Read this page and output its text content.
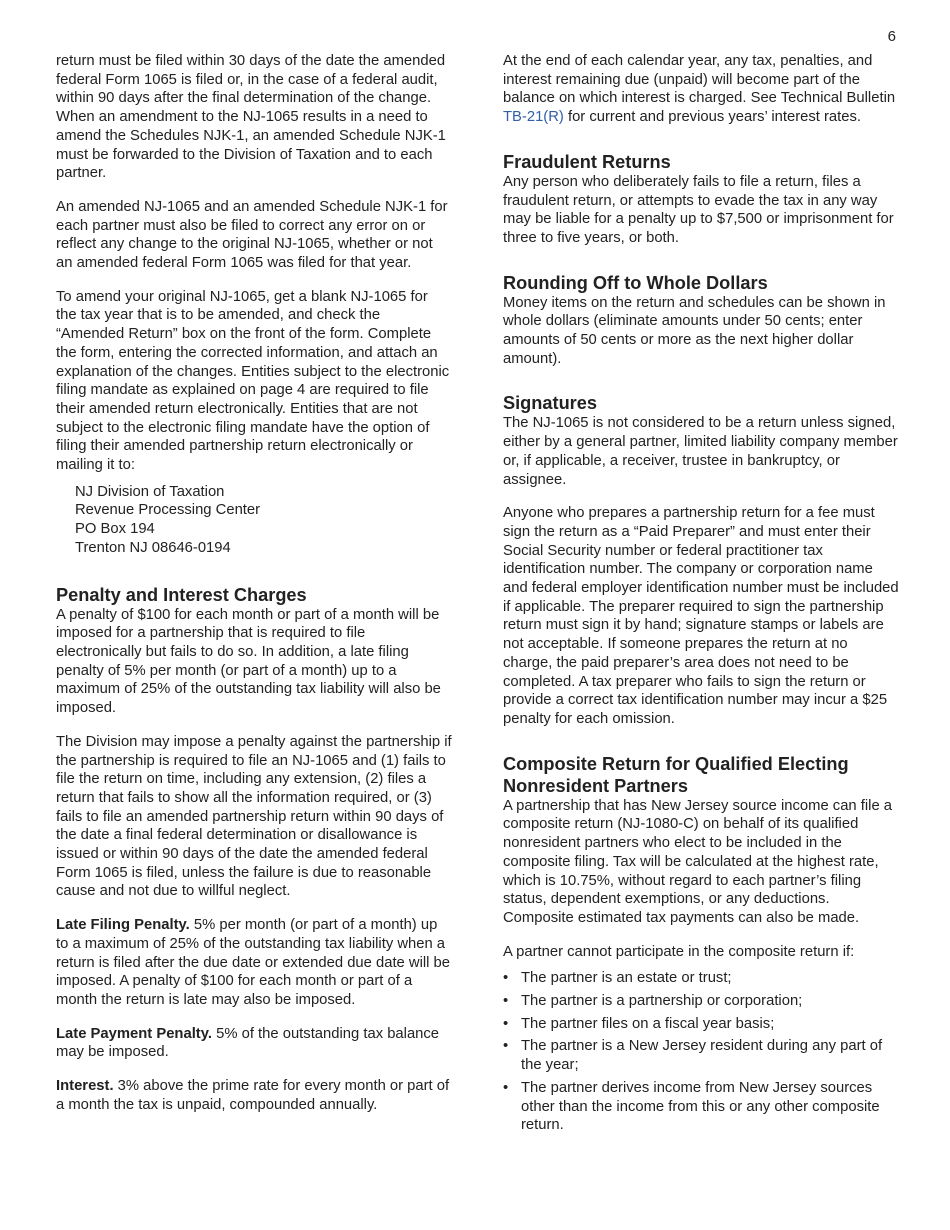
6

return must be filed within 30 days of the date the amended federal Form 1065 is filed or, in the case of a federal audit, within 90 days after the final determination of the change. When an amendment to the NJ-1065 results in a need to amend the Schedules NJK-1, an amended Schedule NJK-1 must be forwarded to the Division of Taxation and to each partner.

An amended NJ-1065 and an amended Schedule NJK-1 for each partner must also be filed to correct any error on or reflect any change to the original NJ-1065, whether or not an amended federal Form 1065 was filed for that year.

To amend your original NJ-1065, get a blank NJ-1065 for the tax year that is to be amended, and check the “Amended Return” box on the front of the form. Complete the form, entering the corrected information, and attach an explanation of the changes. Entities subject to the electronic filing mandate as explained on page 4 are required to file their amended return electronically. Entities that are not subject to the electronic filing mandate have the option of filing their amended partnership return electronically or mailing it to:

NJ Division of Taxation
Revenue Processing Center
PO Box 194
Trenton NJ 08646-0194
Penalty and Interest Charges

A penalty of $100 for each month or part of a month will be imposed for a partnership that is required to file electronically but fails to do so. In addition, a late filing penalty of 5% per month (or part of a month) up to a maximum of 25% of the outstanding tax liability will also be imposed.

The Division may impose a penalty against the partnership if the partnership is required to file an NJ-1065 and (1) fails to file the return on time, including any extension, (2) files a return that fails to show all the information required, or (3) fails to file an amended partnership return within 90 days of the date a final federal determination or disallowance is issued or within 90 days of the date the amended federal Form 1065 is filed, unless the failure is due to reasonable cause and not due to willful neglect.

Late Filing Penalty. 5% per month (or part of a month) up to a maximum of 25% of the outstanding tax liability when a return is filed after the due date or extended due date will be imposed. A penalty of $100 for each month or part of a month the return is late may also be imposed.

Late Payment Penalty. 5% of the outstanding tax balance may be imposed.

Interest. 3% above the prime rate for every month or part of a month the tax is unpaid, compounded annually.

At the end of each calendar year, any tax, penalties, and interest remaining due (unpaid) will become part of the balance on which interest is charged. See Technical Bulletin TB-21(R) for current and previous years’ interest rates.

Fraudulent Returns

Any person who deliberately fails to file a return, files a fraudulent return, or attempts to evade the tax in any way may be liable for a penalty up to $7,500 or imprisonment for three to five years, or both.

Rounding Off to Whole Dollars

Money items on the return and schedules can be shown in whole dollars (eliminate amounts under 50 cents; enter amounts of 50 cents or more as the next higher dollar amount).

Signatures

The NJ-1065 is not considered to be a return unless signed, either by a general partner, limited liability company member or, if applicable, a receiver, trustee in bankruptcy, or assignee.

Anyone who prepares a partnership return for a fee must sign the return as a “Paid Preparer” and must enter their Social Security number or federal practitioner tax identification number. The company or corporation name and federal employer identification number must be included if applicable. The preparer required to sign the partnership return must sign it by hand; signature stamps or labels are not acceptable. If someone prepares the return at no charge, the paid preparer’s area does not need to be completed. A tax preparer who fails to sign the return or provide a correct tax identification number may incur a $25 penalty for each omission.

Composite Return for Qualified Electing
Nonresident Partners

A partnership that has New Jersey source income can file a composite return (NJ-1080-C) on behalf of its qualified nonresident partners who elect to be included in the composite filing. Tax will be calculated at the highest rate, which is 10.75%, without regard to each partner’s filing status, dependent exemptions, or any deductions. Composite estimated tax payments can also be made.

A partner cannot participate in the composite return if:

• The partner is an estate or trust;
• The partner is a partnership or corporation;
• The partner files on a fiscal year basis;
• The partner is a New Jersey resident during any part of the year;
• The partner derives income from New Jersey sources other than the income from this or any other composite return.
